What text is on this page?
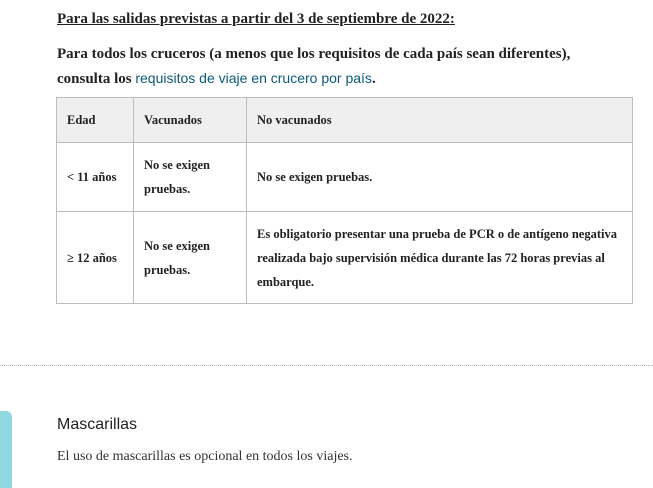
Para las salidas previstas a partir del 3 de septiembre de 2022:

Para todos los cruceros (a menos que los requisitos de cada país sean diferentes), consulta los requisitos de viaje en crucero por país.

Edad	Vacunados	No vacunados
< 11 años	No se exigen pruebas.	No se exigen pruebas.
≥ 12 años	No se exigen pruebas.	Es obligatorio presentar una prueba de PCR o de antígeno negativa realizada bajo supervisión médica durante las 72 horas previas al embarque.
Mascarillas
El uso de mascarillas es opcional en todos los viajes.
